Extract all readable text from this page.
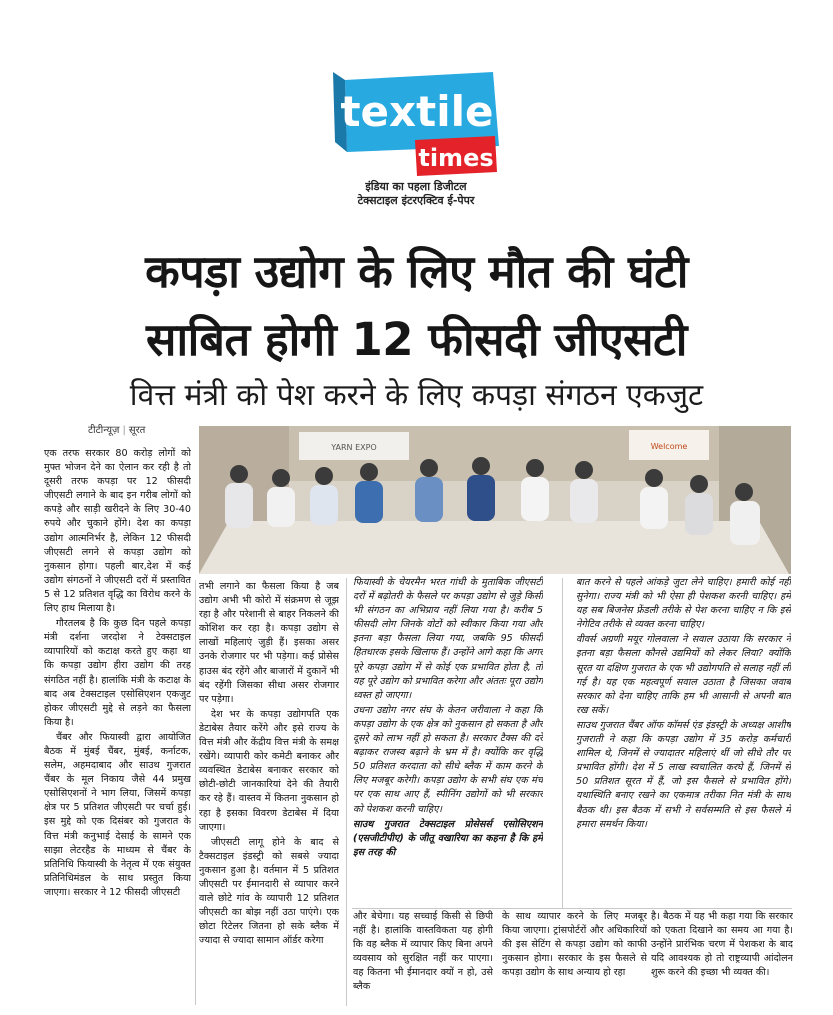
textile
times
इंडिया का पहला डिजीटल
टेक्सटाइल इंटरएक्टिव ई-पेपर
कपड़ा उद्योग के लिए मौत की घंटी
साबित होगी 12 फीसदी जीएसटी
वित्त मंत्री को पेश करने के लिए कपड़ा संगठन एकजुट
टीटीन्यूज़ | सूरत
YARN EXPO	Welcome

एक तरफ सरकार 80 करोड़ लोगों को मुफ्त भोजन देने का ऐलान कर रही है तो दूसरी तरफ कपड़ा पर 12 फीसदी जीएसटी लगाने के बाद इन गरीब लोगों को कपड़े और साड़ी खरीदने के लिए 30-40 रुपये और चुकाने होंगे। देश का कपड़ा उद्योग आत्मनिर्भर है, लेकिन 12 फीसदी जीएसटी लगने से कपड़ा उद्योग को नुकसान होगा। पहली बार,देश में कई उद्योग संगठनों ने जीएसटी दरों में प्रस्तावित 5 से 12 प्रतिशत वृद्धि का विरोध करने के लिए हाथ मिलाया है।

गौरतलब है कि कुछ दिन पहले कपड़ा मंत्री दर्शना जरदोश ने टेक्सटाइल व्यापारियों को कटाक्ष करते हुए कहा था कि कपड़ा उद्योग हीरा उद्योग की तरह संगठित नहीं है। हालांकि मंत्री के कटाक्ष के बाद अब टेक्सटाइल एसोसिएशन एकजुट होकर जीएसटी मुद्दे से लड़ने का फैसला किया है।

चैंबर और फियास्वी द्वारा आयोजित बैठक में मुंबई चैंबर, मुंबई, कर्नाटक, सलेम, अहमदाबाद और साउथ गुजरात चैंबर के मूल निकाय जैसे 44 प्रमुख एसोसिएशनों ने भाग लिया, जिसमें कपड़ा क्षेत्र पर 5 प्रतिशत जीएसटी पर चर्चा हुई। इस मुद्दे को एक दिसंबर को गुजरात के वित्त मंत्री कनुभाई देसाई के सामने एक साझा लेटरहैड के माध्यम से चैंबर के प्रतिनिधि फियास्वी के नेतृत्व में एक संयुक्त प्रतिनिधिमंडल के साथ प्रस्तुत किया जाएगा। सरकार ने 12 फीसदी जीएसटी

तभी लगाने का फैसला किया है जब उद्योग अभी भी कोरो में संक्रमण से जूझ रहा है और परेशानी से बाहर निकलने की कोशिश कर रहा है। कपड़ा उद्योग से लाखों महिलाएं जुड़ी हैं। इसका असर उनके रोजगार पर भी पड़ेगा। कई प्रोसेस हाउस बंद रहेंगे और बाजारों में दुकानें भी बंद रहेंगी जिसका सीधा असर रोजगार पर पड़ेगा।

देश भर के कपड़ा उद्योगपति एक डेटाबेस तैयार करेंगे और इसे राज्य के वित्त मंत्री और केंद्रीय वित्त मंत्री के समक्ष रखेंगे। व्यापारी कोर कमेटी बनाकर और व्यवस्थित डेटाबेस बनाकर सरकार को छोटी-छोटी जानकारियां देने की तैयारी कर रहे हैं। वास्तव में कितना नुकसान हो रहा है इसका विवरण डेटाबेस में दिया जाएगा।

जीएसटी लागू होने के बाद से टैक्सटाइल इंडस्ट्री को सबसे ज्यादा नुकसान हुआ है। वर्तमान में 5 प्रतिशत जीएसटी पर ईमानदारी से व्यापार करने वाले छोटे गांव के व्यापारी 12 प्रतिशत जीएसटी का बोझ नहीं उठा पाएंगे। एक छोटा रिटेलर जितना हो सके ब्लैक में ज्यादा से ज्यादा सामान ऑर्डर करेगा

फियास्वी के चेयरमैन भरत गांधी के मुताबिक जीएसटी दरों में बढ़ोतरी के फैसले पर कपड़ा उद्योग से जुड़े किसी भी संगठन का अभिप्राय नहीं लिया गया है। करीब 5 फीसदी लोग जिनके वोटों को स्वीकार किया गया और इतना बड़ा फैसला लिया गया, जबकि 95 फीसदी हितधारक इसके खिलाफ हैं। उन्होंने आगे कहा कि अगर पूरे कपड़ा उद्योग में से कोई एक प्रभावित होता है, तो यह पूरे उद्योग को प्रभावित करेगा और अंततः पूरा उद्योग ध्वस्त हो जाएगा।

उधना उद्योग नगर संघ के केतन जरीवाला ने कहा कि कपड़ा उद्योग के एक क्षेत्र को नुकसान हो सकता है और दूसरे को लाभ नहीं हो सकता है। सरकार टैक्स की दरें बढ़ाकर राजस्व बढ़ाने के भ्रम में है। क्योंकि कर वृद्धि 50 प्रतिशत करदाता को सीधे ब्लैक में काम करने के लिए मजबूर करेगी। कपड़ा उद्योग के सभी संघ एक मंच पर एक साथ आए हैं, स्पीनिंग उद्योगों को भी सरकार को पेशकश करनी चाहिए।

साउथ गुजरात टेक्सटाइल प्रोसेसर्स एसोसिएशन (एसजीटीपीए) के जीतू वखारिया का कहना है कि हमें इस तरह की

बात करने से पहले आंकड़े जुटा लेने चाहिए। हमारी कोई नहीं सुनेगा। राज्य मंत्री को भी ऐसा ही पेशकश करनी चाहिए। हमें यह सब बिजनेस फ्रेंडली तरीके से पेश करना चाहिए न कि इसे नेगेटिव तरीके से व्यक्त करना चाहिए।

वीवर्स अग्रणी मयूर गोलवाला ने सवाल उठाया कि सरकार ने इतना बड़ा फैसला कौनसे उद्यमियों को लेकर लिया? क्योंकि सूरत या दक्षिण गुजरात के एक भी उद्योगपति से सलाह नहीं ली गई है। यह एक महत्वपूर्ण सवाल उठाता है जिसका जवाब सरकार को देना चाहिए ताकि हम भी आसानी से अपनी बात रख सकें।

साउथ गुजरात चैंबर ऑफ कॉमर्स एंड इंडस्ट्री के अध्यक्ष आशीष गुजराती ने कहा कि कपड़ा उद्योग में 35 करोड़ कर्मचारी शामिल थे, जिनमें से ज्यादातर महिलाएं थीं जो सीधे तौर पर प्रभावित होंगी। देश में 5 लाख स्वचालित करघे हैं, जिनमें से 50 प्रतिशत सूरत में हैं, जो इस फैसले से प्रभावित होंगे। यथास्थिति बनाए रखने का एकमात्र तरीका नित मंत्री के साथ बैठक थी। इस बैठक में सभी ने सर्वसम्मति से इस फैसले में हमारा समर्थन किया।

और बेचेगा। यह सच्चाई किसी से छिपी नहीं है। हालांकि वास्तविकता यह होगी कि वह ब्लैक में व्यापार किए बिना अपने व्यवसाय को सुरक्षित नहीं कर पाएगा। वह कितना भी ईमानदार क्यों न हो, उसे ब्लैक

के साथ व्यापार करने के लिए मजबूर किया जाएगा। ट्रांसपोर्टरों और अधिकारियों की इस सेटिंग से कपड़ा उद्योग को काफी नुकसान होगा। सरकार के इस फैसले से कपड़ा उद्योग के साथ अन्याय हो रहा

है। बैठक में यह भी कहा गया कि सरकार को एकता दिखाने का समय आ गया है। उन्होंने प्रारंभिक चरण में पेशकश के बाद यदि आवश्यक हो तो राष्ट्रव्यापी आंदोलन शुरू करने की इच्छा भी व्यक्त की।
